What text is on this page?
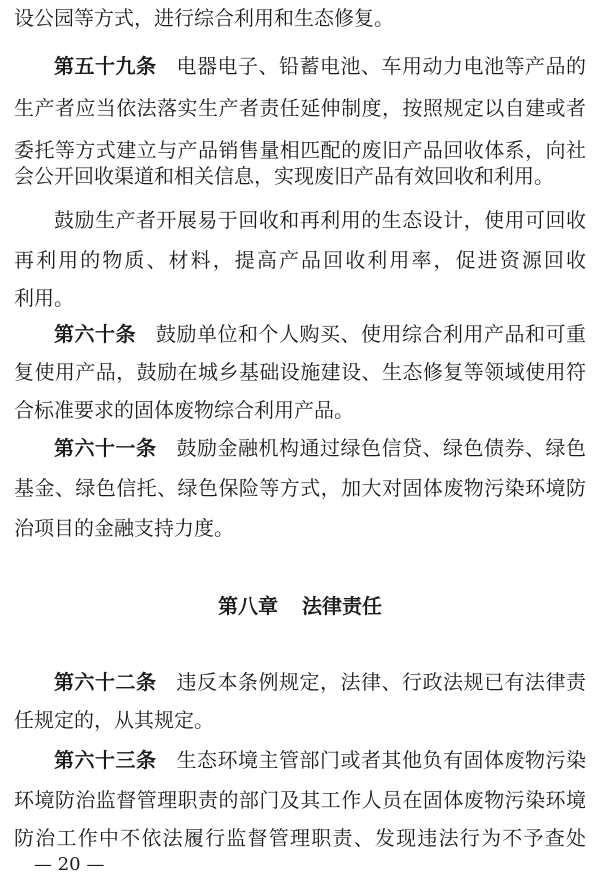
设公园等方式，进行综合利用和生态修复。
第五十九条 电器电子、铅蓄电池、车用动力电池等产品的
生产者应当依法落实生产者责任延伸制度，按照规定以自建或者
委托等方式建立与产品销售量相匹配的废旧产品回收体系，向社
会公开回收渠道和相关信息，实现废旧产品有效回收和利用。
鼓励生产者开展易于回收和再利用的生态设计，使用可回收
再利用的物质、材料，提高产品回收利用率，促进资源回收
利用。
第六十条 鼓励单位和个人购买、使用综合利用产品和可重
复使用产品，鼓励在城乡基础设施建设、生态修复等领域使用符
合标准要求的固体废物综合利用产品。
第六十一条 鼓励金融机构通过绿色信贷、绿色债券、绿色
基金、绿色信托、绿色保险等方式，加大对固体废物污染环境防
治项目的金融支持力度。
第八章 法律责任
第六十二条 违反本条例规定，法律、行政法规已有法律责
任规定的，从其规定。
第六十三条 生态环境主管部门或者其他负有固体废物污染
环境防治监督管理职责的部门及其工作人员在固体废物污染环境
防治工作中不依法履行监督管理职责、发现违法行为不予查处
— 20 —
